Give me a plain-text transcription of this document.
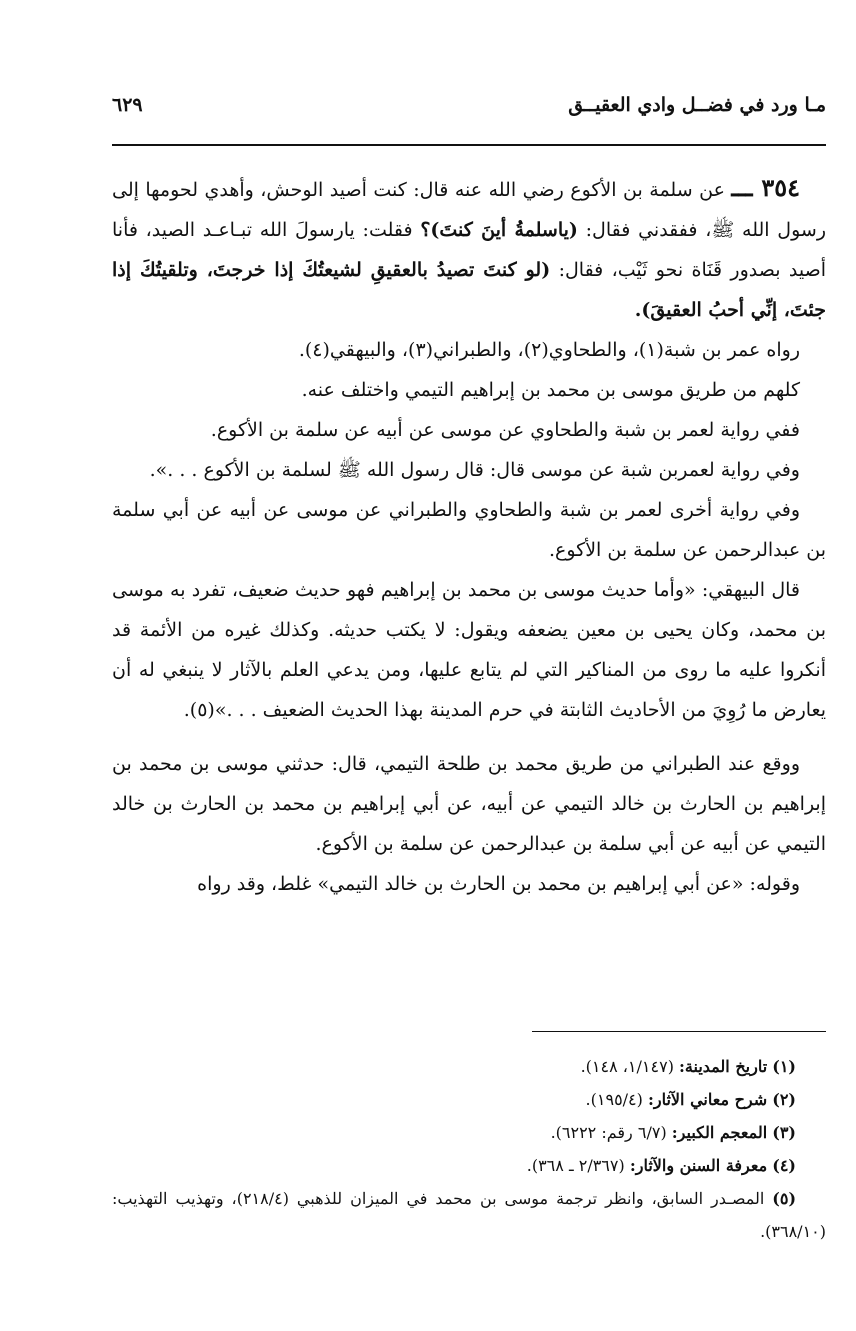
مـا ورد في فضــل وادي العقيــق
٦٢٩

٣٥٤ ـــ عن سلمة بن الأكوع رضي الله عنه قال: كنت أصيد الوحش، وأهدي لحومها إلى رسول الله ﷺ، ففقدني فقال: (ياسلمةُ أينَ كنتَ)؟ فقلت: يارسولَ الله تبـاعـد الصيد، فأنا أصيد بصدور قَنَاة نحو ثَيْب، فقال: (لو كنتَ تصيدُ بالعقيقِ لشيعتُكَ إذا خرجتَ، وتلقيتُكَ إذا جئتَ، إنِّي أحبُ العقيقَ).

رواه عمر بن شبة(١)، والطحاوي(٢)، والطبراني(٣)، والبيهقي(٤).

كلهم من طريق موسى بن محمد بن إبراهيم التيمي واختلف عنه.

ففي رواية لعمر بن شبة والطحاوي عن موسى عن أبيه عن سلمة بن الأكوع.

وفي رواية لعمربن شبة عن موسى قال: قال رسول الله ﷺ لسلمة بن الأكوع . . .».

وفي رواية أخرى لعمر بن شبة والطحاوي والطبراني عن موسى عن أبيه عن أبي سلمة بن عبدالرحمن عن سلمة بن الأكوع.

قال البيهقي: «وأما حديث موسى بن محمد بن إبراهيم فهو حديث ضعيف، تفرد به موسى بن محمد، وكان يحيى بن معين يضعفه ويقول: لا يكتب حديثه. وكذلك غيره من الأئمة قد أنكروا عليه ما روى من المناكير التي لم يتابع عليها، ومن يدعي العلم بالآثار لا ينبغي له أن يعارض ما رُوِيَ من الأحاديث الثابتة في حرم المدينة بهذا الحديث الضعيف . . .»(٥).

ووقع عند الطبراني من طريق محمد بن طلحة التيمي، قال: حدثني موسى بن محمد بن إبراهيم بن الحارث بن خالد التيمي عن أبيه، عن أبي إبراهيم بن محمد بن الحارث بن خالد التيمي عن أبيه عن أبي سلمة بن عبدالرحمن عن سلمة بن الأكوع.

وقوله: «عن أبي إبراهيم بن محمد بن الحارث بن خالد التيمي» غلط، وقد رواه

(١) تاريخ المدينة: (١/١٤٧، ١٤٨).

(٢) شرح معاني الآثار: (١٩٥/٤).

(٣) المعجم الكبير: (٦/٧ رقم: ٦٢٢٢).

(٤) معرفة السنن والآثار: (٢/٣٦٧ ـ ٣٦٨).

(٥) المصـدر السابق، وانظر ترجمة موسى بن محمد في الميزان للذهبي (٢١٨/٤)، وتهذيب التهذيب: (٣٦٨/١٠).
